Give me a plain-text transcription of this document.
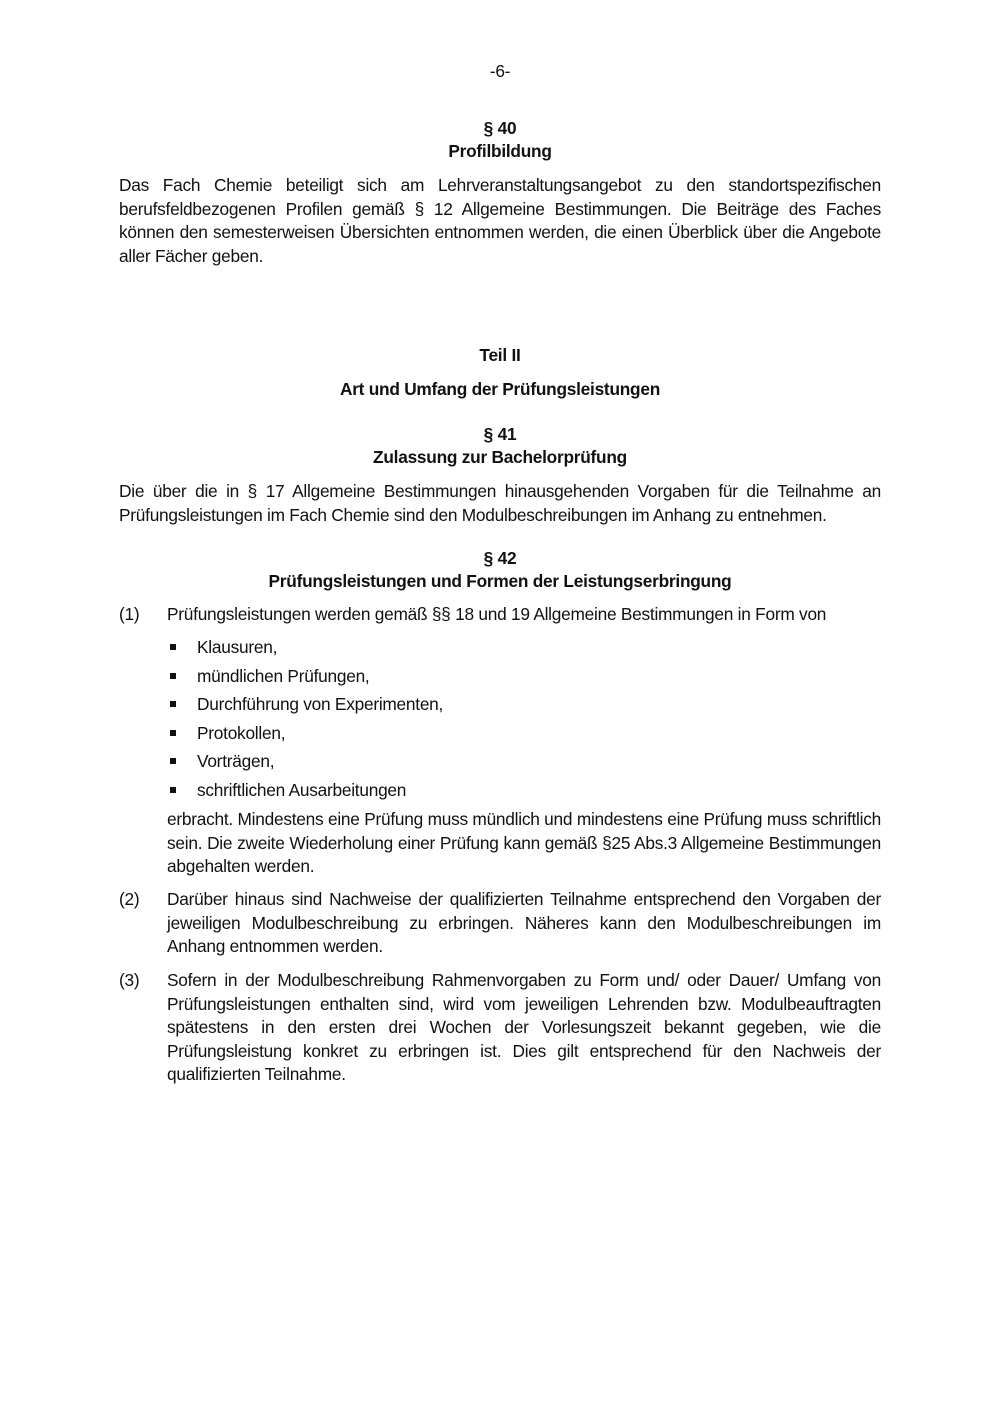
-6-
§ 40
Profilbildung
Das Fach Chemie beteiligt sich am Lehrveranstaltungsangebot zu den standortspezifischen berufsfeldbezogenen Profilen gemäß § 12 Allgemeine Bestimmungen. Die Beiträge des Faches können den semesterweisen Übersichten entnommen werden, die einen Überblick über die Angebote aller Fächer geben.
Teil II
Art und Umfang der Prüfungsleistungen
§ 41
Zulassung zur Bachelorprüfung
Die über die in § 17 Allgemeine Bestimmungen hinausgehenden Vorgaben für die Teilnahme an Prüfungsleistungen im Fach Chemie sind den Modulbeschreibungen im Anhang zu entnehmen.
§ 42
Prüfungsleistungen und Formen der Leistungserbringung
(1) Prüfungsleistungen werden gemäß §§ 18 und 19 Allgemeine Bestimmungen in Form von
Klausuren,
mündlichen Prüfungen,
Durchführung von Experimenten,
Protokollen,
Vorträgen,
schriftlichen Ausarbeitungen
erbracht. Mindestens eine Prüfung muss mündlich und mindestens eine Prüfung muss schriftlich sein. Die zweite Wiederholung einer Prüfung kann gemäß §25 Abs.3 Allgemeine Bestimmungen abgehalten werden.
(2) Darüber hinaus sind Nachweise der qualifizierten Teilnahme entsprechend den Vorgaben der jeweiligen Modulbeschreibung zu erbringen. Näheres kann den Modulbeschreibungen im Anhang entnommen werden.
(3) Sofern in der Modulbeschreibung Rahmenvorgaben zu Form und/ oder Dauer/ Umfang von Prüfungsleistungen enthalten sind, wird vom jeweiligen Lehrenden bzw. Modulbeauftragten spätestens in den ersten drei Wochen der Vorlesungszeit bekannt gegeben, wie die Prüfungsleistung konkret zu erbringen ist. Dies gilt entsprechend für den Nachweis der qualifizierten Teilnahme.
